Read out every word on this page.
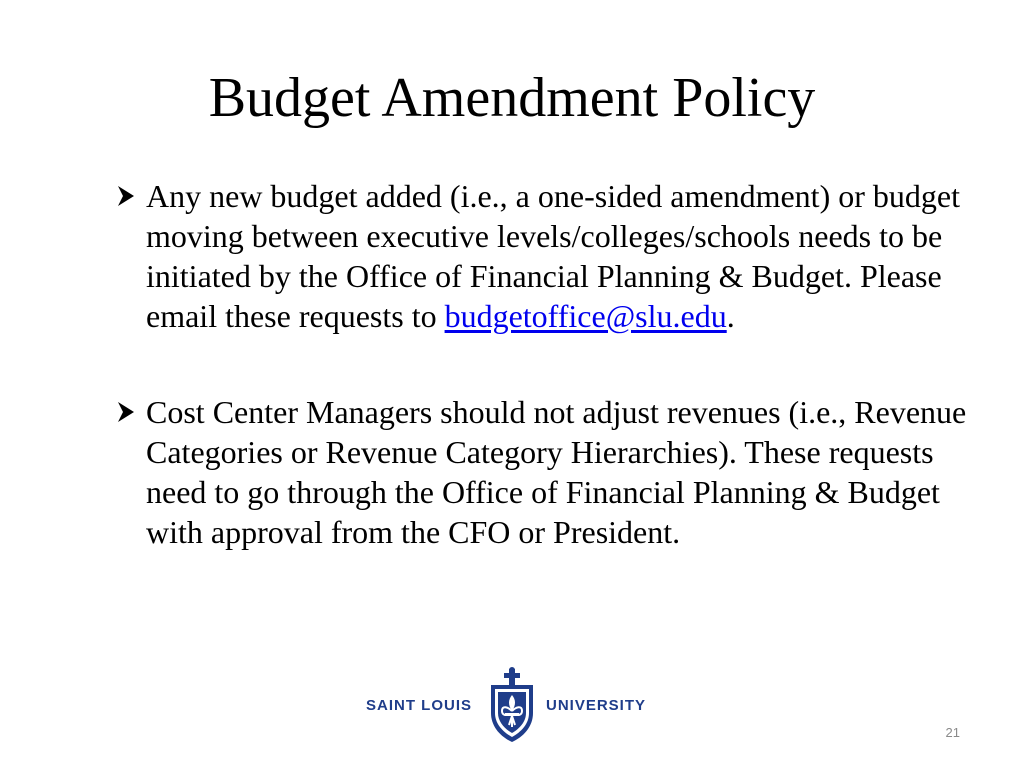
Budget Amendment Policy
Any new budget added (i.e., a one-sided amendment) or budget moving between executive levels/colleges/schools needs to be initiated by the Office of Financial Planning & Budget. Please email these requests to budgetoffice@slu.edu.
Cost Center Managers should not adjust revenues (i.e., Revenue Categories or Revenue Category Hierarchies). These requests need to go through the Office of Financial Planning & Budget with approval from the CFO or President.
SAINT LOUIS	UNIVERSITY
21
